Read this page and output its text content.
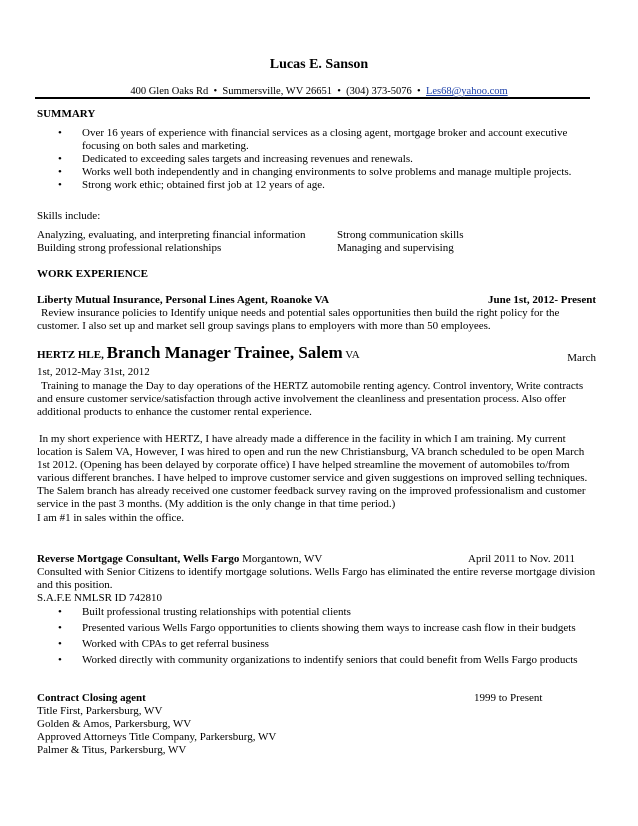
Lucas E. Sanson
400 Glen Oaks Rd • Summersville, WV 26651 • (304) 373-5076 • Les68@yahoo.com
SUMMARY
• Over 16 years of experience with financial services as a closing agent, mortgage broker and account executive focusing on both sales and marketing.
• Dedicated to exceeding sales targets and increasing revenues and renewals.
• Works well both independently and in changing environments to solve problems and manage multiple projects.
• Strong work ethic; obtained first job at 12 years of age.
Skills include:
Analyzing, evaluating, and interpreting financial information	Strong communication skills
Building strong professional relationships	Managing and supervising
WORK EXPERIENCE
Liberty Mutual Insurance, Personal Lines Agent, Roanoke VA	June 1st, 2012- Present

Review insurance policies to Identify unique needs and potential sales opportunities then build the right policy for the customer. I also set up and market sell group savings plans to employers with more than 50 employees.

HERTZ HLE, Branch Manager Trainee, Salem VA	March
1st, 2012-May 31st, 2012

Training to manage the Day to day operations of the HERTZ automobile renting agency. Control inventory, Write contracts and ensure customer service/satisfaction through active involvement the cleanliness and presentation process. Also offer additional products to enhance the customer rental experience.

In my short experience with HERTZ, I have already made a difference in the facility in which I am training. My current location is Salem VA, However, I was hired to open and run the new Christiansburg, VA branch scheduled to be open March 1st 2012. (Opening has been delayed by corporate office) I have helped streamline the movement of automobiles to/from various different branches. I have helped to improve customer service and given suggestions on improved selling techniques. The Salem branch has already received one customer feedback survey raving on the improved professionalism and customer service in the past 3 months. (My addition is the only change in that time period.)

I am #1 in sales within the office.

Reverse Mortgage Consultant, Wells Fargo Morgantown, WV	April 2011 to Nov. 2011

Consulted with Senior Citizens to identify mortgage solutions. Wells Fargo has eliminated the entire reverse mortgage division and this position.

S.A.F.E NMLSR ID 742810
• Built professional trusting relationships with potential clients
• Presented various Wells Fargo opportunities to clients showing them ways to increase cash flow in their budgets
• Worked with CPAs to get referral business
• Worked directly with community organizations to indentify seniors that could benefit from Wells Fargo products
Contract Closing agent	1999 to Present
Title First, Parkersburg, WV
Golden & Amos, Parkersburg, WV
Approved Attorneys Title Company, Parkersburg, WV
Palmer & Titus, Parkersburg, WV
